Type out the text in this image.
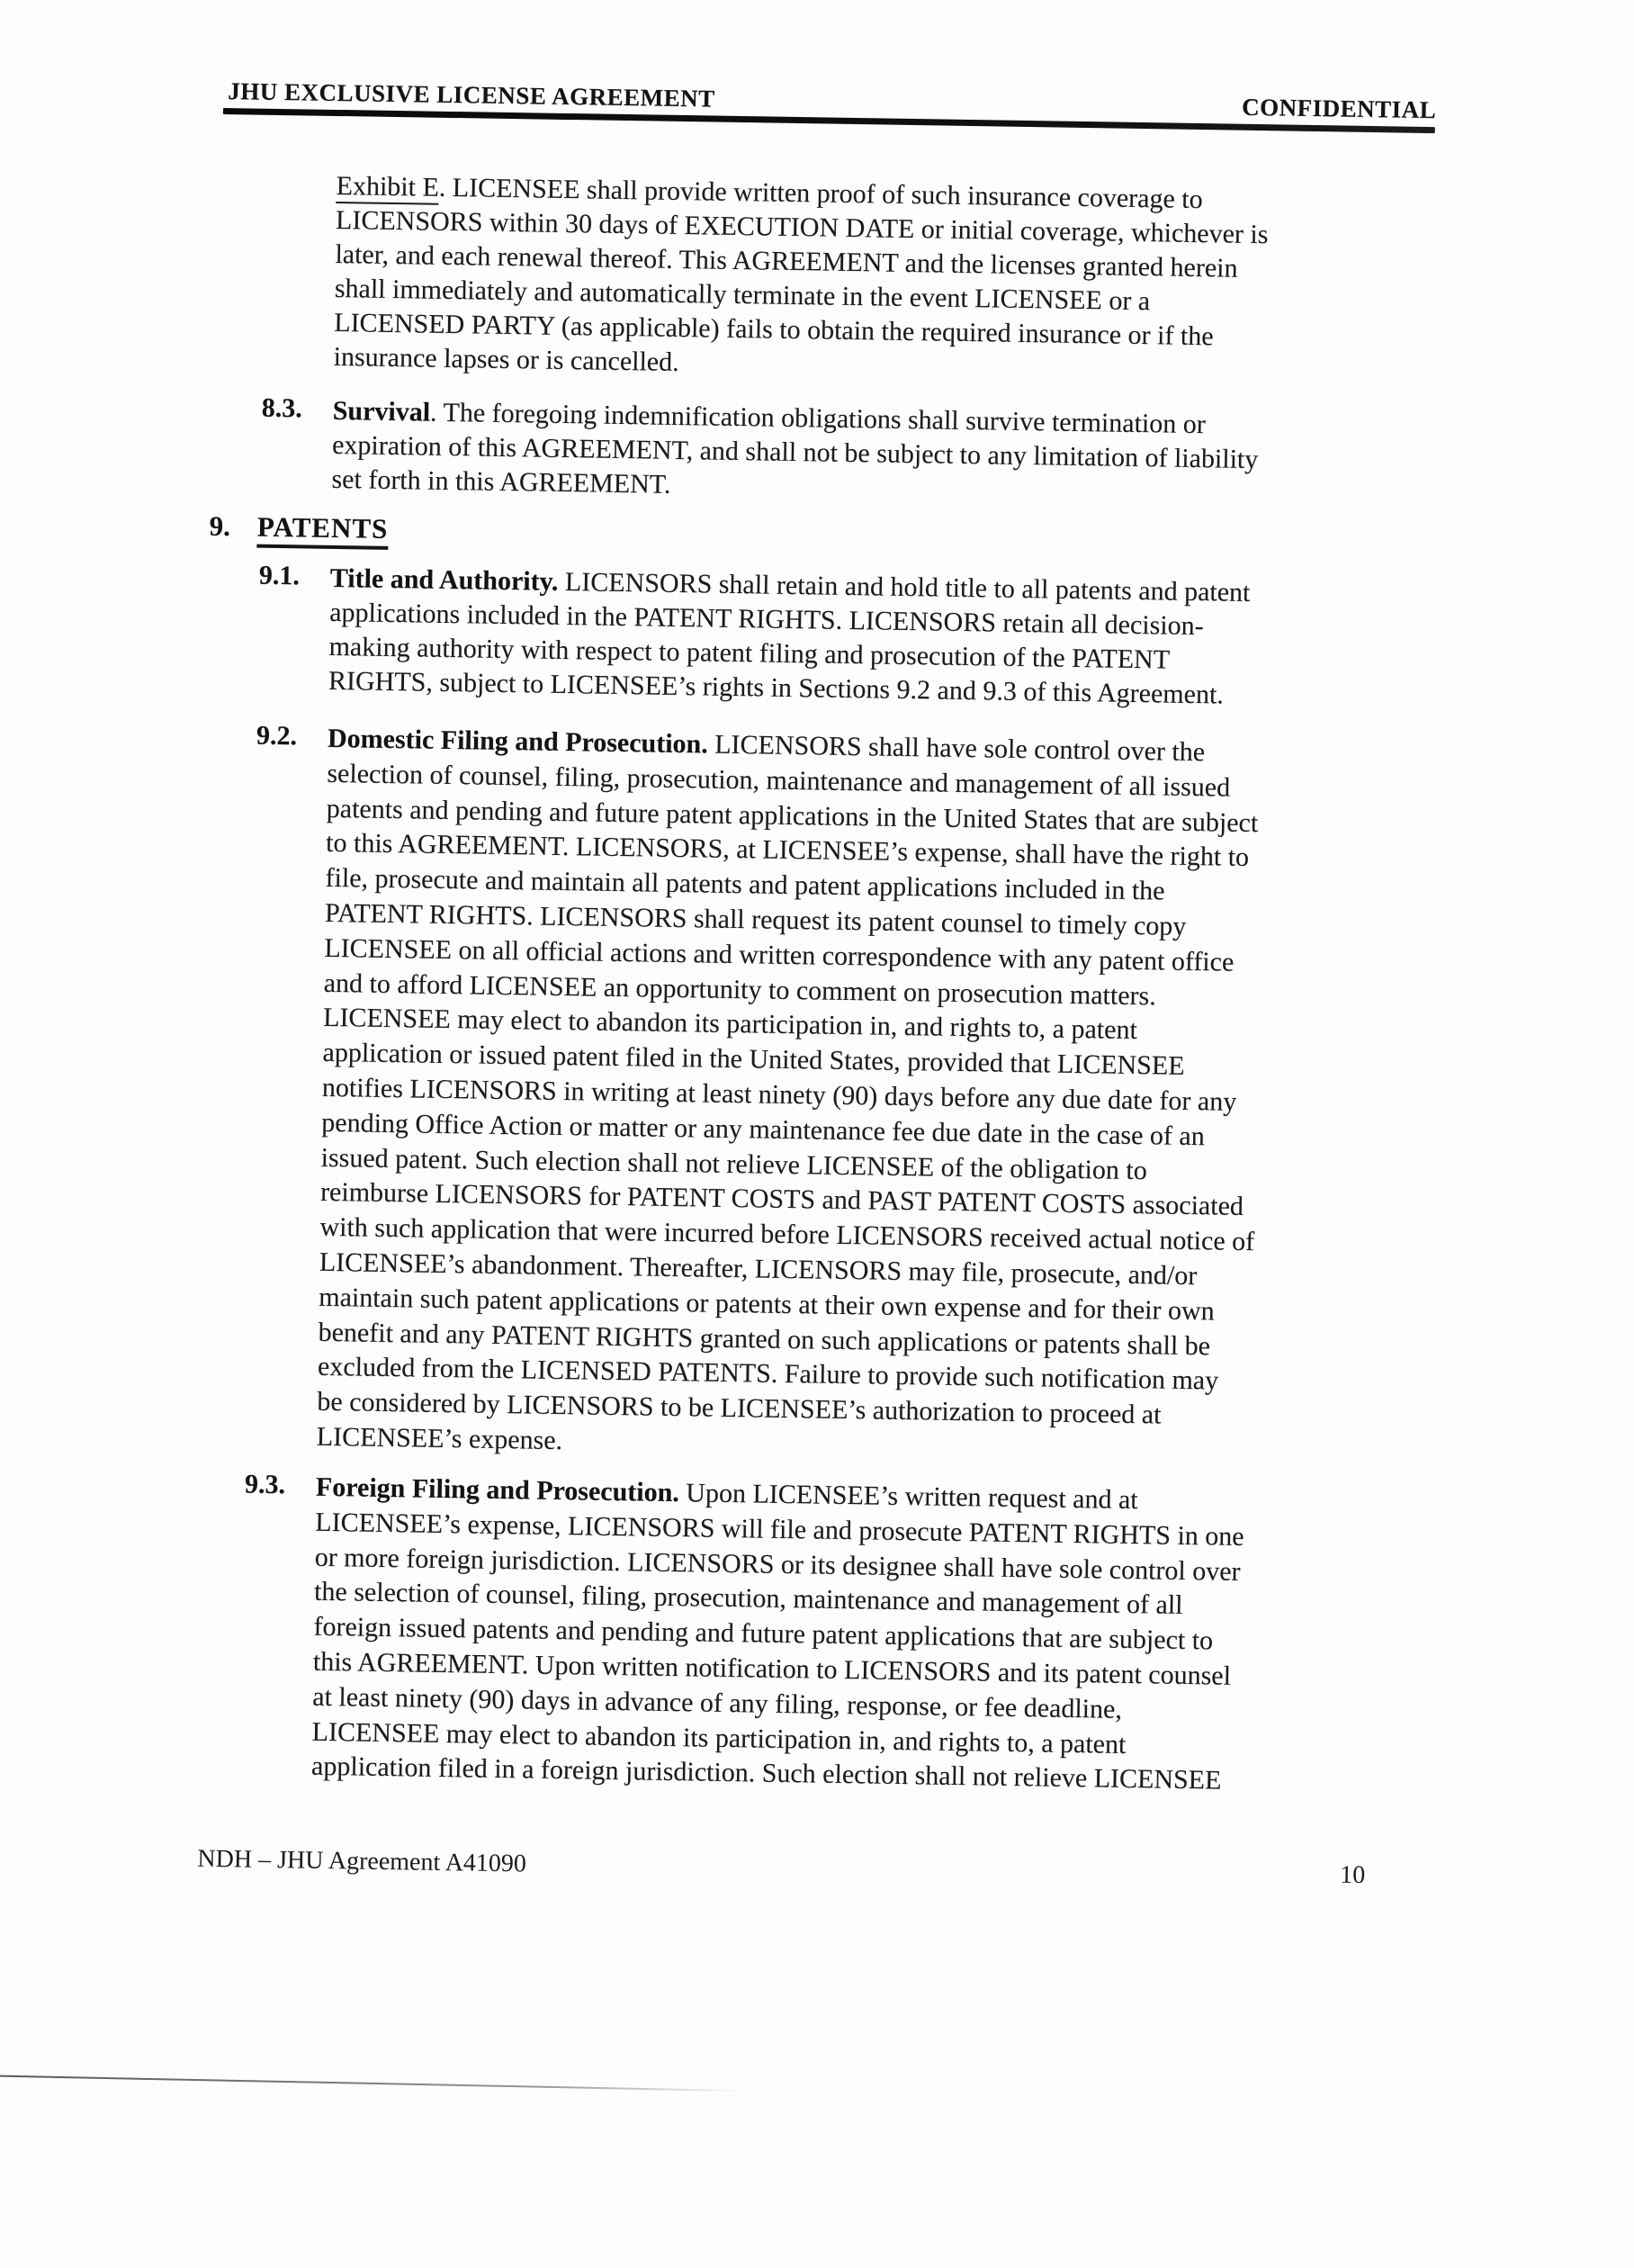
JHU EXCLUSIVE LICENSE AGREEMENT	CONFIDENTIAL
Exhibit E. LICENSEE shall provide written proof of such insurance coverage to
LICENSORS within 30 days of EXECUTION DATE or initial coverage, whichever is
later, and each renewal thereof. This AGREEMENT and the licenses granted herein
shall immediately and automatically terminate in the event LICENSEE or a
LICENSED PARTY (as applicable) fails to obtain the required insurance or if the
insurance lapses or is cancelled.
8.3. Survival. The foregoing indemnification obligations shall survive termination or
expiration of this AGREEMENT, and shall not be subject to any limitation of liability
set forth in this AGREEMENT.
9. PATENTS
9.1. Title and Authority. LICENSORS shall retain and hold title to all patents and patent
applications included in the PATENT RIGHTS. LICENSORS retain all decision-
making authority with respect to patent filing and prosecution of the PATENT
RIGHTS, subject to LICENSEE’s rights in Sections 9.2 and 9.3 of this Agreement.
9.2. Domestic Filing and Prosecution. LICENSORS shall have sole control over the
selection of counsel, filing, prosecution, maintenance and management of all issued
patents and pending and future patent applications in the United States that are subject
to this AGREEMENT. LICENSORS, at LICENSEE’s expense, shall have the right to
file, prosecute and maintain all patents and patent applications included in the
PATENT RIGHTS. LICENSORS shall request its patent counsel to timely copy
LICENSEE on all official actions and written correspondence with any patent office
and to afford LICENSEE an opportunity to comment on prosecution matters.
LICENSEE may elect to abandon its participation in, and rights to, a patent
application or issued patent filed in the United States, provided that LICENSEE
notifies LICENSORS in writing at least ninety (90) days before any due date for any
pending Office Action or matter or any maintenance fee due date in the case of an
issued patent. Such election shall not relieve LICENSEE of the obligation to
reimburse LICENSORS for PATENT COSTS and PAST PATENT COSTS associated
with such application that were incurred before LICENSORS received actual notice of
LICENSEE’s abandonment. Thereafter, LICENSORS may file, prosecute, and/or
maintain such patent applications or patents at their own expense and for their own
benefit and any PATENT RIGHTS granted on such applications or patents shall be
excluded from the LICENSED PATENTS. Failure to provide such notification may
be considered by LICENSORS to be LICENSEE’s authorization to proceed at
LICENSEE’s expense.
9.3. Foreign Filing and Prosecution. Upon LICENSEE’s written request and at
LICENSEE’s expense, LICENSORS will file and prosecute PATENT RIGHTS in one
or more foreign jurisdiction. LICENSORS or its designee shall have sole control over
the selection of counsel, filing, prosecution, maintenance and management of all
foreign issued patents and pending and future patent applications that are subject to
this AGREEMENT. Upon written notification to LICENSORS and its patent counsel
at least ninety (90) days in advance of any filing, response, or fee deadline,
LICENSEE may elect to abandon its participation in, and rights to, a patent
application filed in a foreign jurisdiction. Such election shall not relieve LICENSEE
NDH – JHU Agreement A41090	10
